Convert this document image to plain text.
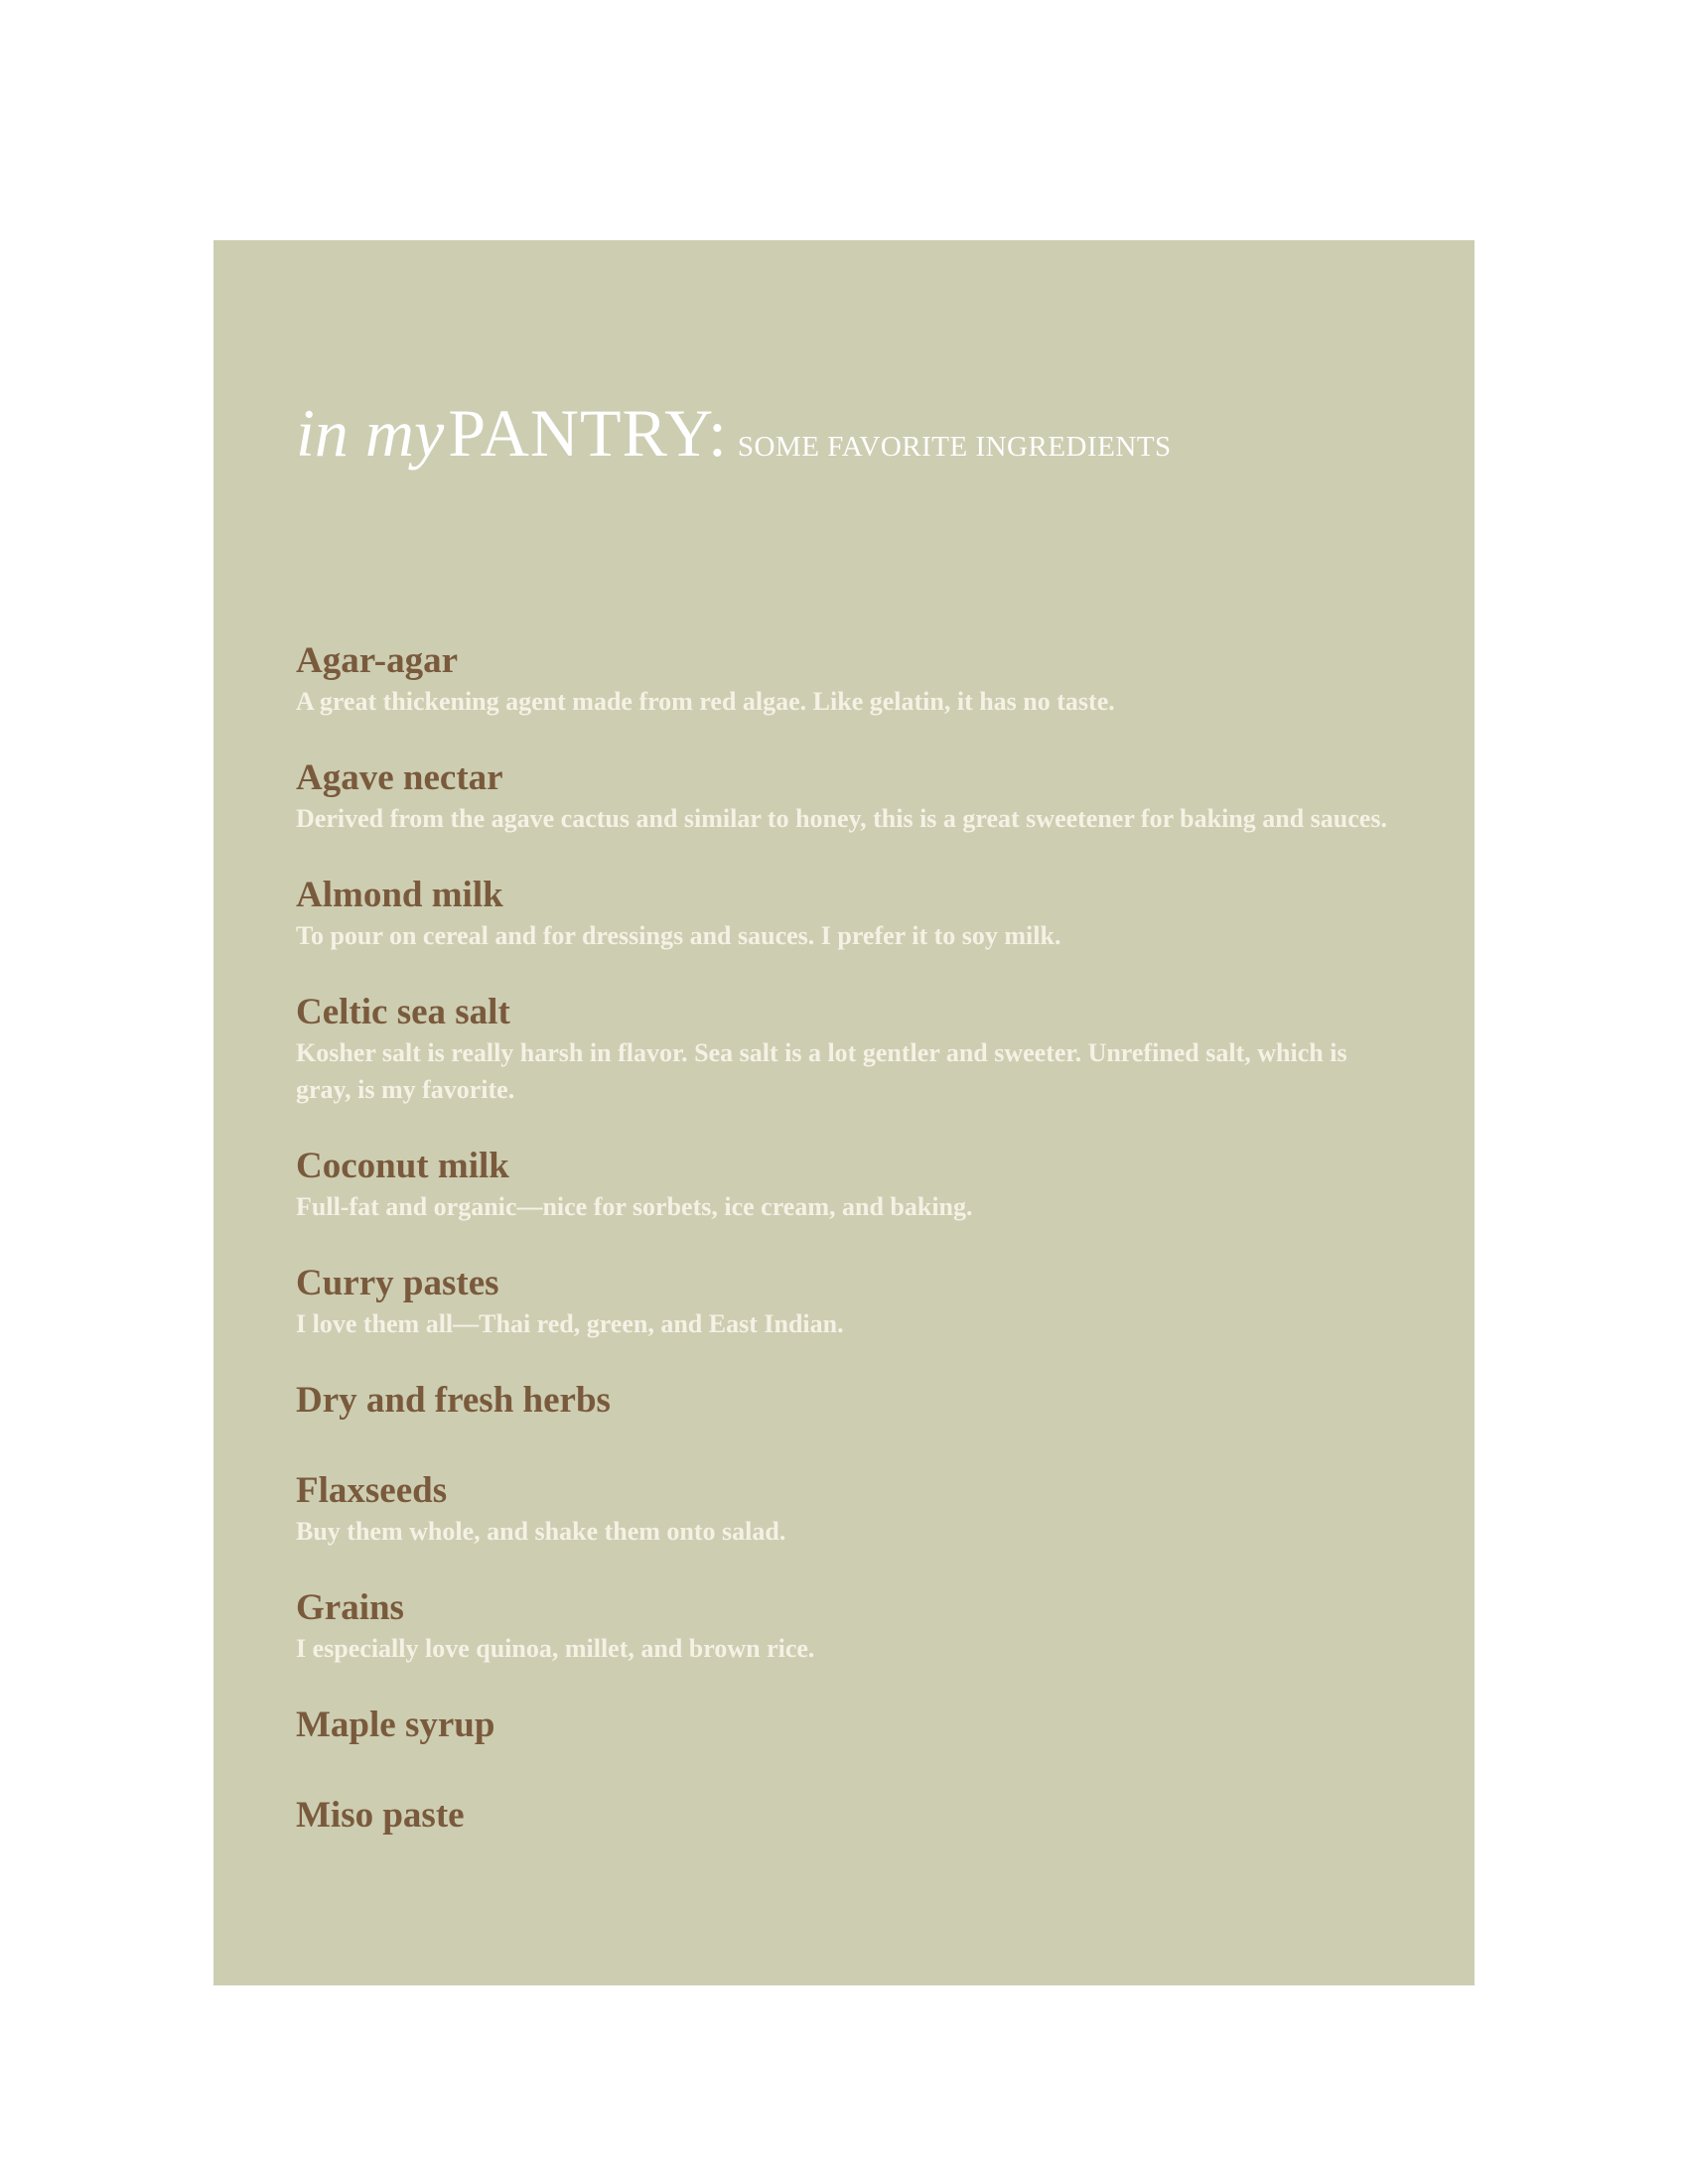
in my PANTRY: SOME FAVORITE INGREDIENTS
Agar-agar
A great thickening agent made from red algae. Like gelatin, it has no taste.
Agave nectar
Derived from the agave cactus and similar to honey, this is a great sweetener for baking and sauces.
Almond milk
To pour on cereal and for dressings and sauces. I prefer it to soy milk.
Celtic sea salt
Kosher salt is really harsh in flavor. Sea salt is a lot gentler and sweeter. Unrefined salt, which is gray, is my favorite.
Coconut milk
Full-fat and organic—nice for sorbets, ice cream, and baking.
Curry pastes
I love them all—Thai red, green, and East Indian.
Dry and fresh herbs
Flaxseeds
Buy them whole, and shake them onto salad.
Grains
I especially love quinoa, millet, and brown rice.
Maple syrup
Miso paste
